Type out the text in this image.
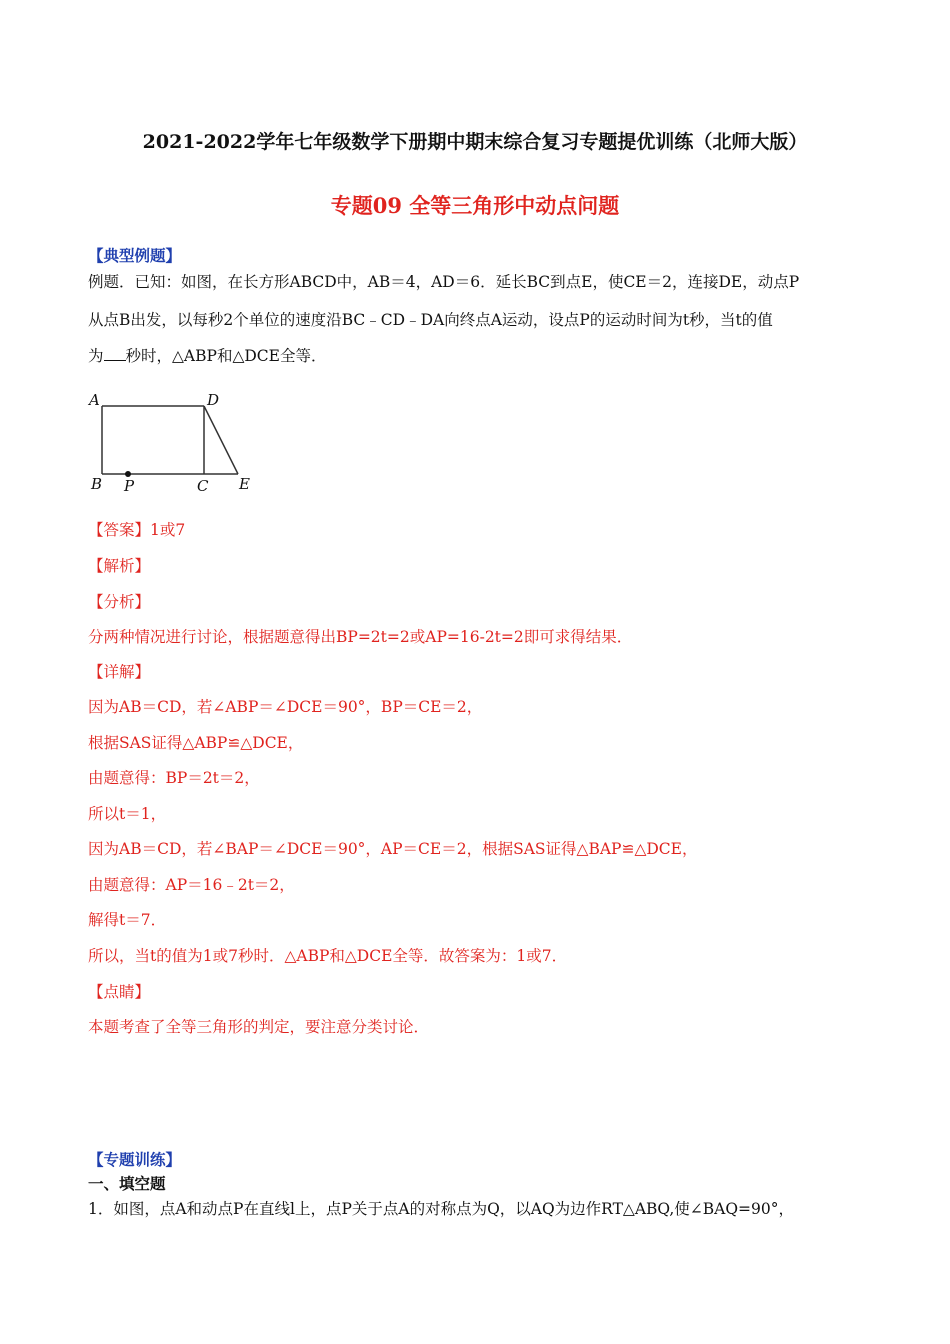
2021-2022学年七年级数学下册期中期末综合复习专题提优训练（北师大版）
专题09 全等三角形中动点问题
【典型例题】
例题．已知：如图，在长方形ABCD中，AB＝4，AD＝6．延长BC到点E，使CE＝2，连接DE，动点P
从点B出发，以每秒2个单位的速度沿BC﹣CD﹣DA向终点A运动，设点P的运动时间为t秒，当t的值
为 秒时，△ABP和△DCE全等．
A	D
B P	C E
【答案】1或7
【解析】
【分析】
分两种情况进行讨论，根据题意得出BP=2t=2或AP=16-2t=2即可求得结果．
【详解】
因为AB＝CD，若∠ABP＝∠DCE＝90°，BP＝CE＝2，
根据SAS证得△ABP≌△DCE，
由题意得：BP＝2t＝2，
所以t＝1，
因为AB＝CD，若∠BAP＝∠DCE＝90°，AP＝CE＝2，根据SAS证得△BAP≌△DCE，
由题意得：AP＝16﹣2t＝2，
解得t＝7．
所以，当t的值为1或7秒时．△ABP和△DCE全等．故答案为：1或7．
【点睛】
本题考查了全等三角形的判定，要注意分类讨论．
【专题训练】
一、填空题
1．如图，点A和动点P在直线l上，点P关于点A的对称点为Q，以AQ为边作RT△ABQ,使∠BAQ=90°，
